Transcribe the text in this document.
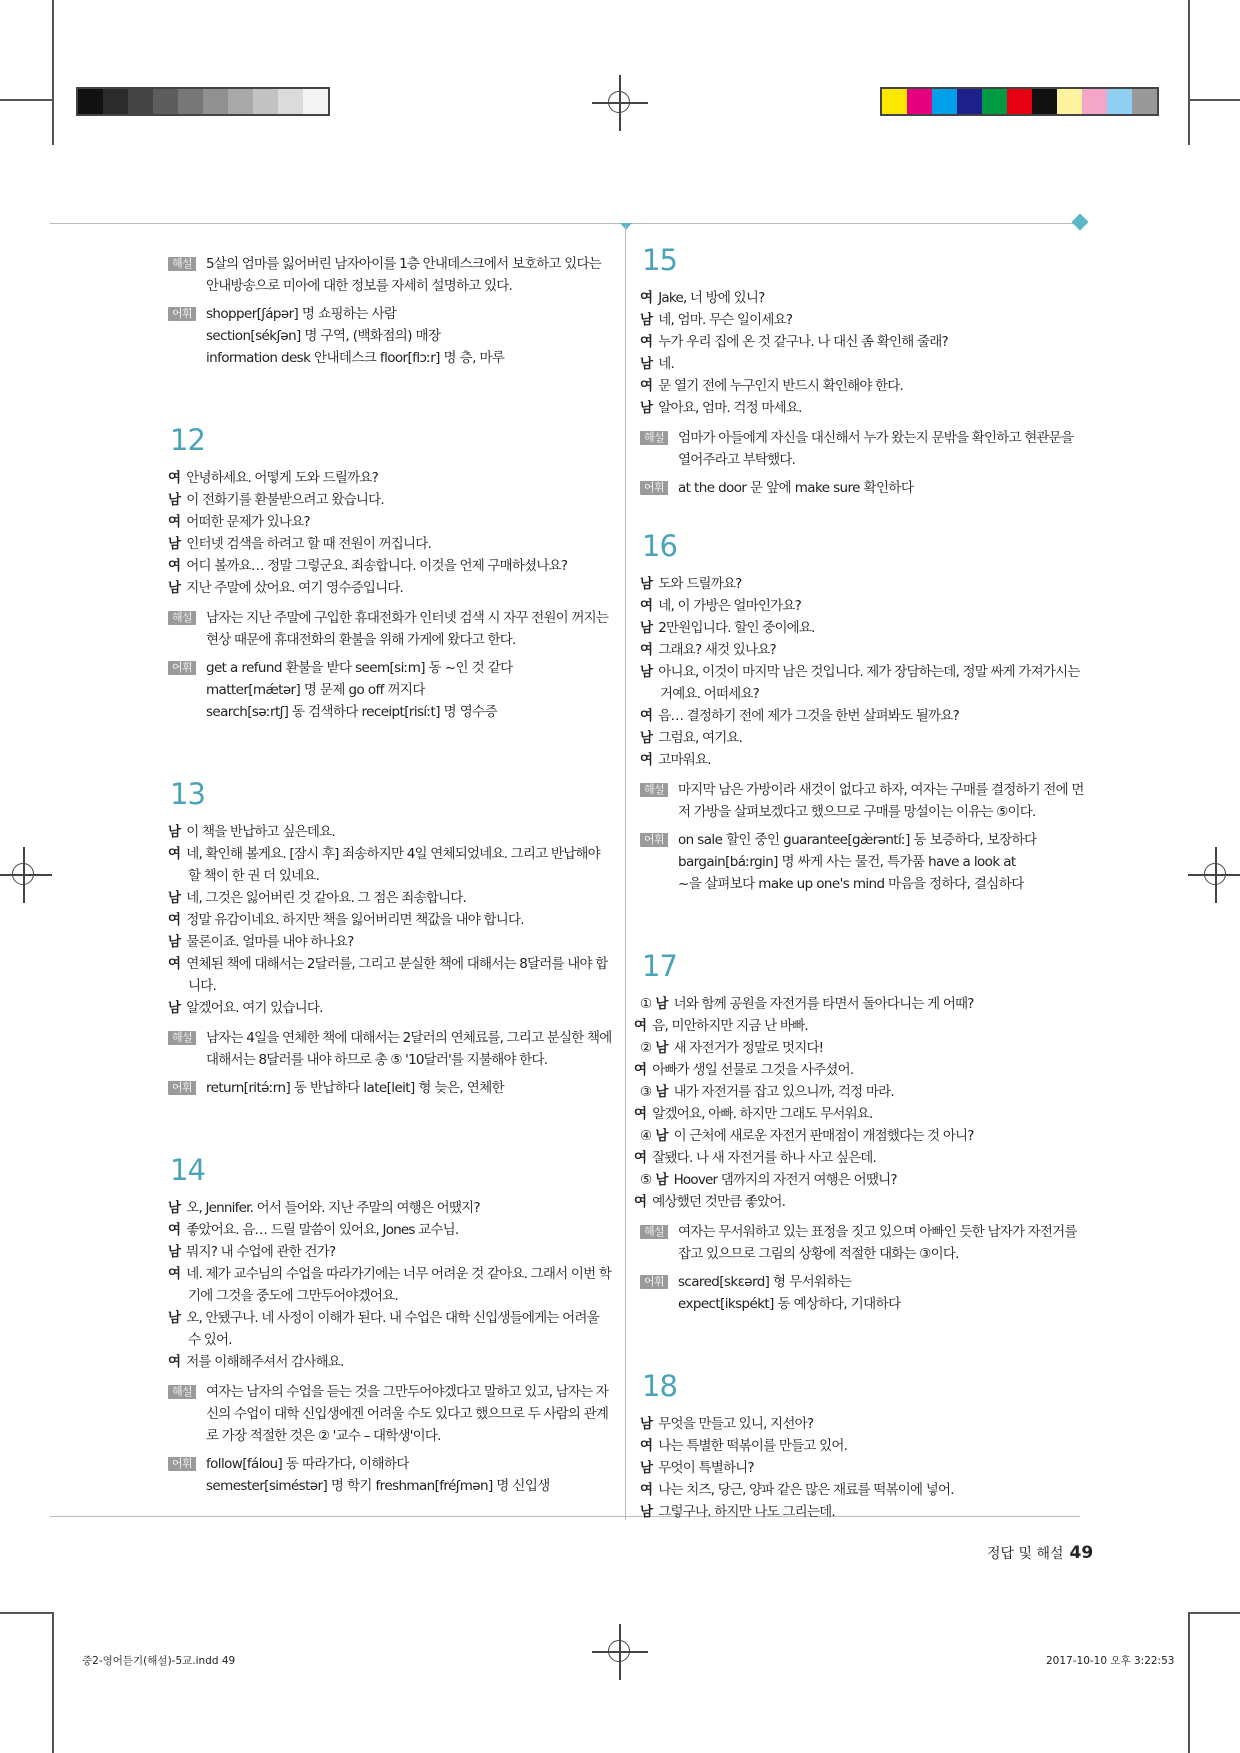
해설 5살의 엄마를 잃어버린 남자아이를 1층 안내데스크에서 보호하고 있다는 안내방송으로 미아에 대한 정보를 자세히 설명하고 있다.
어휘 shopper[ʃápər] 명 쇼핑하는 사람
section[sékʃən] 명 구역, (백화점의) 매장
information desk 안내데스크 floor[flɔːr] 명 층, 마루
12
여 안녕하세요. 어떻게 도와 드릴까요?
남 이 전화기를 환불받으려고 왔습니다.
여 어떠한 문제가 있나요?
남 인터넷 검색을 하려고 할 때 전원이 꺼집니다.
여 어디 볼까요… 정말 그렇군요. 죄송합니다. 이것을 언제 구매하셨나요?
남 지난 주말에 샀어요. 여기 영수증입니다.
해설 남자는 지난 주말에 구입한 휴대전화가 인터넷 검색 시 자꾸 전원이 꺼지는 현상 때문에 휴대전화의 환불을 위해 가게에 왔다고 한다.
어휘 get a refund 환불을 받다 seem[siːm] 동 ~인 것 같다
matter[mǽtər] 명 문제 go off 꺼지다
search[səːrtʃ] 동 검색하다 receipt[risíːt] 명 영수증
13
남 이 책을 반납하고 싶은데요.
여 네, 확인해 볼게요. [잠시 후] 죄송하지만 4일 연체되었네요. 그리고 반납해야 할 책이 한 권 더 있네요.
남 네, 그것은 잃어버린 것 같아요. 그 점은 죄송합니다.
여 정말 유감이네요. 하지만 책을 잃어버리면 책값을 내야 합니다.
남 물론이죠. 얼마를 내야 하나요?
여 연체된 책에 대해서는 2달러를, 그리고 분실한 책에 대해서는 8달러를 내야 합니다.
남 알겠어요. 여기 있습니다.
해설 남자는 4일을 연체한 책에 대해서는 2달러의 연체료를, 그리고 분실한 책에 대해서는 8달러를 내야 하므로 총 ⑤ '10달러'를 지불해야 한다.
어휘 return[ritə́ːrn] 동 반납하다 late[leit] 형 늦은, 연체한
14
남 오, Jennifer. 어서 들어와. 지난 주말의 여행은 어땠지?
여 좋았어요. 음… 드릴 말씀이 있어요, Jones 교수님.
남 뭐지? 내 수업에 관한 건가?
여 네. 제가 교수님의 수업을 따라가기에는 너무 어려운 것 같아요. 그래서 이번 학기에 그것을 중도에 그만두어야겠어요.
남 오, 안됐구나. 네 사정이 이해가 된다. 내 수업은 대학 신입생들에게는 어려울 수 있어.
여 저를 이해해주셔서 감사해요.
해설 여자는 남자의 수업을 듣는 것을 그만두어야겠다고 말하고 있고, 남자는 자신의 수업이 대학 신입생에겐 어려울 수도 있다고 했으므로 두 사람의 관계로 가장 적절한 것은 ② '교수 – 대학생'이다.
어휘 follow[fálou] 동 따라가다, 이해하다
semester[siméstər] 명 학기 freshman[fréʃmən] 명 신입생
15
여 Jake, 너 방에 있니?
남 네, 엄마. 무슨 일이세요?
여 누가 우리 집에 온 것 같구나. 나 대신 좀 확인해 줄래?
남 네.
여 문 열기 전에 누구인지 반드시 확인해야 한다.
남 알아요, 엄마. 걱정 마세요.
해설 엄마가 아들에게 자신을 대신해서 누가 왔는지 문밖을 확인하고 현관문을 열어주라고 부탁했다.
어휘 at the door 문 앞에 make sure 확인하다
16
남 도와 드릴까요?
여 네, 이 가방은 얼마인가요?
남 2만원입니다. 할인 중이에요.
여 그래요? 새것 있나요?
남 아니요, 이것이 마지막 남은 것입니다. 제가 장담하는데, 정말 싸게 가져가시는 거예요. 어떠세요?
여 음… 결정하기 전에 제가 그것을 한번 살펴봐도 될까요?
남 그럼요, 여기요.
여 고마워요.
해설 마지막 남은 가방이라 새것이 없다고 하자, 여자는 구매를 결정하기 전에 먼저 가방을 살펴보겠다고 했으므로 구매를 망설이는 이유는 ⑤이다.
어휘 on sale 할인 중인 guarantee[gæ̀rəntíː] 동 보증하다, 보장하다
bargain[báːrgin] 명 싸게 사는 물건, 특가품 have a look at
~을 살펴보다 make up one's mind 마음을 정하다, 결심하다
17
① 남 너와 함께 공원을 자전거를 타면서 돌아다니는 게 어때?
여 음, 미안하지만 지금 난 바빠.
② 남 새 자전거가 정말로 멋지다!
여 아빠가 생일 선물로 그것을 사주셨어.
③ 남 내가 자전거를 잡고 있으니까, 걱정 마라.
여 알겠어요, 아빠. 하지만 그래도 무서워요.
④ 남 이 근처에 새로운 자전거 판매점이 개점했다는 것 아니?
여 잘됐다. 나 새 자전거를 하나 사고 싶은데.
⑤ 남 Hoover 댐까지의 자전거 여행은 어땠니?
여 예상했던 것만큼 좋았어.
해설 여자는 무서워하고 있는 표정을 짓고 있으며 아빠인 듯한 남자가 자전거를 잡고 있으므로 그림의 상황에 적절한 대화는 ③이다.
어휘 scared[skɛərd] 형 무서워하는
expect[ikspékt] 동 예상하다, 기대하다
18
남 무엇을 만들고 있니, 지선아?
여 나는 특별한 떡볶이를 만들고 있어.
남 무엇이 특별하니?
여 나는 치즈, 당근, 양파 같은 많은 재료를 떡볶이에 넣어.
남 그렇구나. 하지만 나도 그리는데.
정답 및 해설 49
중2-영어듣기(해설)-5교.indd 49	2017-10-10 오후 3:22:53
